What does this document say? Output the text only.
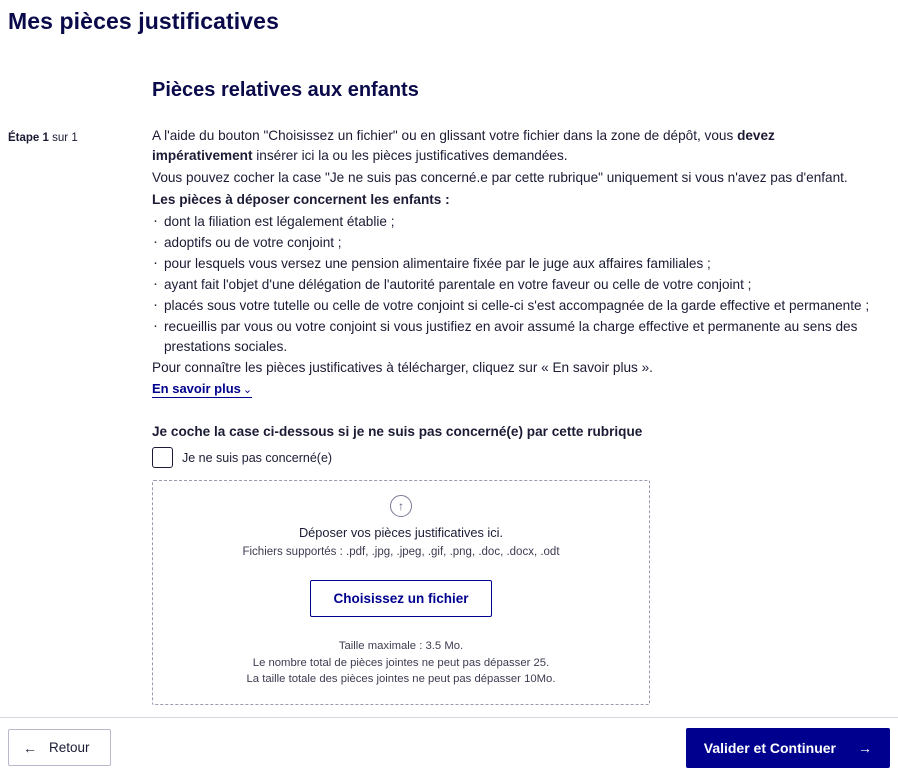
Mes pièces justificatives
Étape 1 sur 1
Pièces relatives aux enfants

A l'aide du bouton "Choisissez un fichier" ou en glissant votre fichier dans la zone de dépôt, vous devez impérativement insérer ici la ou les pièces justificatives demandées.

Vous pouvez cocher la case "Je ne suis pas concerné.e par cette rubrique" uniquement si vous n'avez pas d'enfant.

Les pièces à déposer concernent les enfants :

· dont la filiation est légalement établie ;
· adoptifs ou de votre conjoint ;
· pour lesquels vous versez une pension alimentaire fixée par le juge aux affaires familiales ;
· ayant fait l'objet d'une délégation de l'autorité parentale en votre faveur ou celle de votre conjoint ;
· placés sous votre tutelle ou celle de votre conjoint si celle-ci s'est accompagnée de la garde effective et permanente ;
· recueillis par vous ou votre conjoint si vous justifiez en avoir assumé la charge effective et permanente au sens des prestations sociales.

Pour connaître les pièces justificatives à télécharger, cliquez sur « En savoir plus ».

En savoir plus ⌄
Je coche la case ci-dessous si je ne suis pas concerné(e) par cette rubrique
Je ne suis pas concerné(e)
↑
Déposer vos pièces justificatives ici.
Fichiers supportés : .pdf, .jpg, .jpeg, .gif, .png, .doc, .docx, .odt
Choisissez un fichier
Taille maximale : 3.5 Mo.
Le nombre total de pièces jointes ne peut pas dépasser 25.
La taille totale des pièces jointes ne peut pas dépasser 10Mo.
← Retour	Valider et Continuer →
